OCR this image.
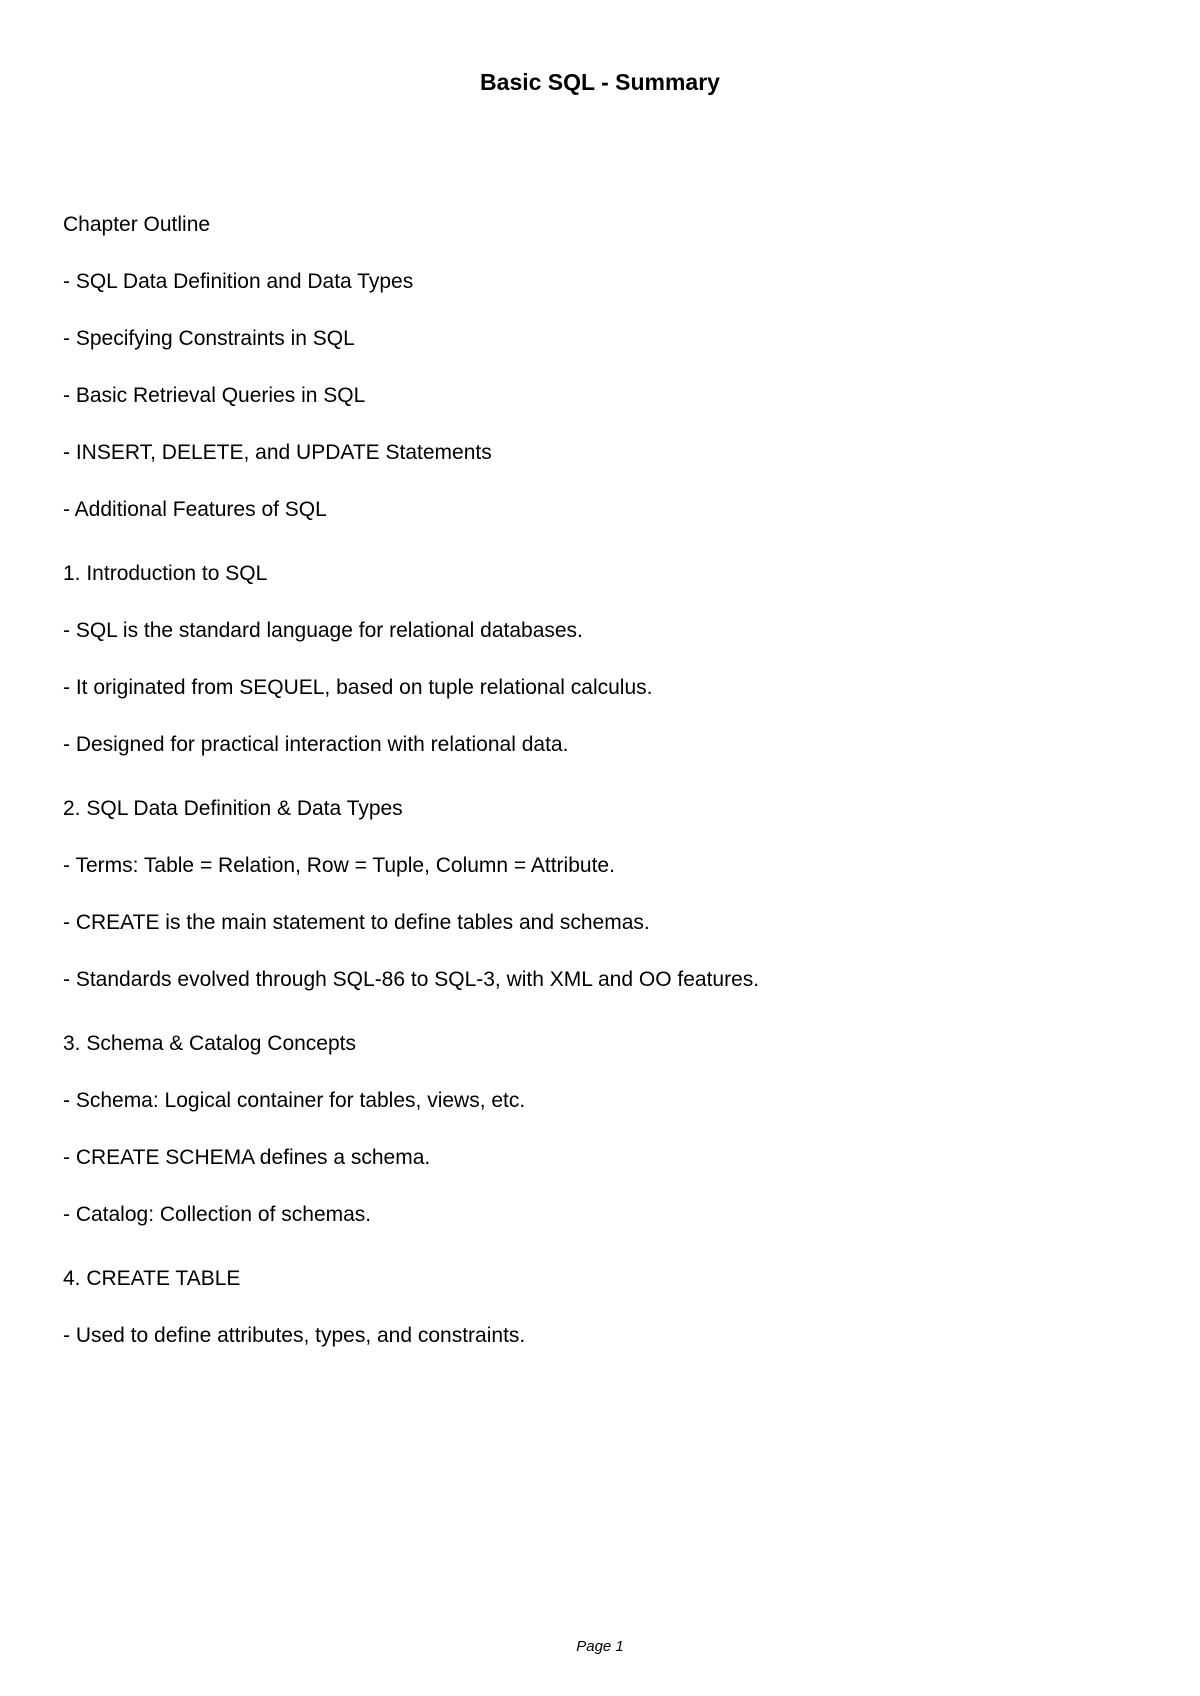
Basic SQL - Summary
Chapter Outline
- SQL Data Definition and Data Types
- Specifying Constraints in SQL
- Basic Retrieval Queries in SQL
- INSERT, DELETE, and UPDATE Statements
- Additional Features of SQL
1. Introduction to SQL
- SQL is the standard language for relational databases.
- It originated from SEQUEL, based on tuple relational calculus.
- Designed for practical interaction with relational data.
2. SQL Data Definition & Data Types
- Terms: Table = Relation, Row = Tuple, Column = Attribute.
- CREATE is the main statement to define tables and schemas.
- Standards evolved through SQL-86 to SQL-3, with XML and OO features.
3. Schema & Catalog Concepts
- Schema: Logical container for tables, views, etc.
- CREATE SCHEMA defines a schema.
- Catalog: Collection of schemas.
4. CREATE TABLE
- Used to define attributes, types, and constraints.
Page 1
